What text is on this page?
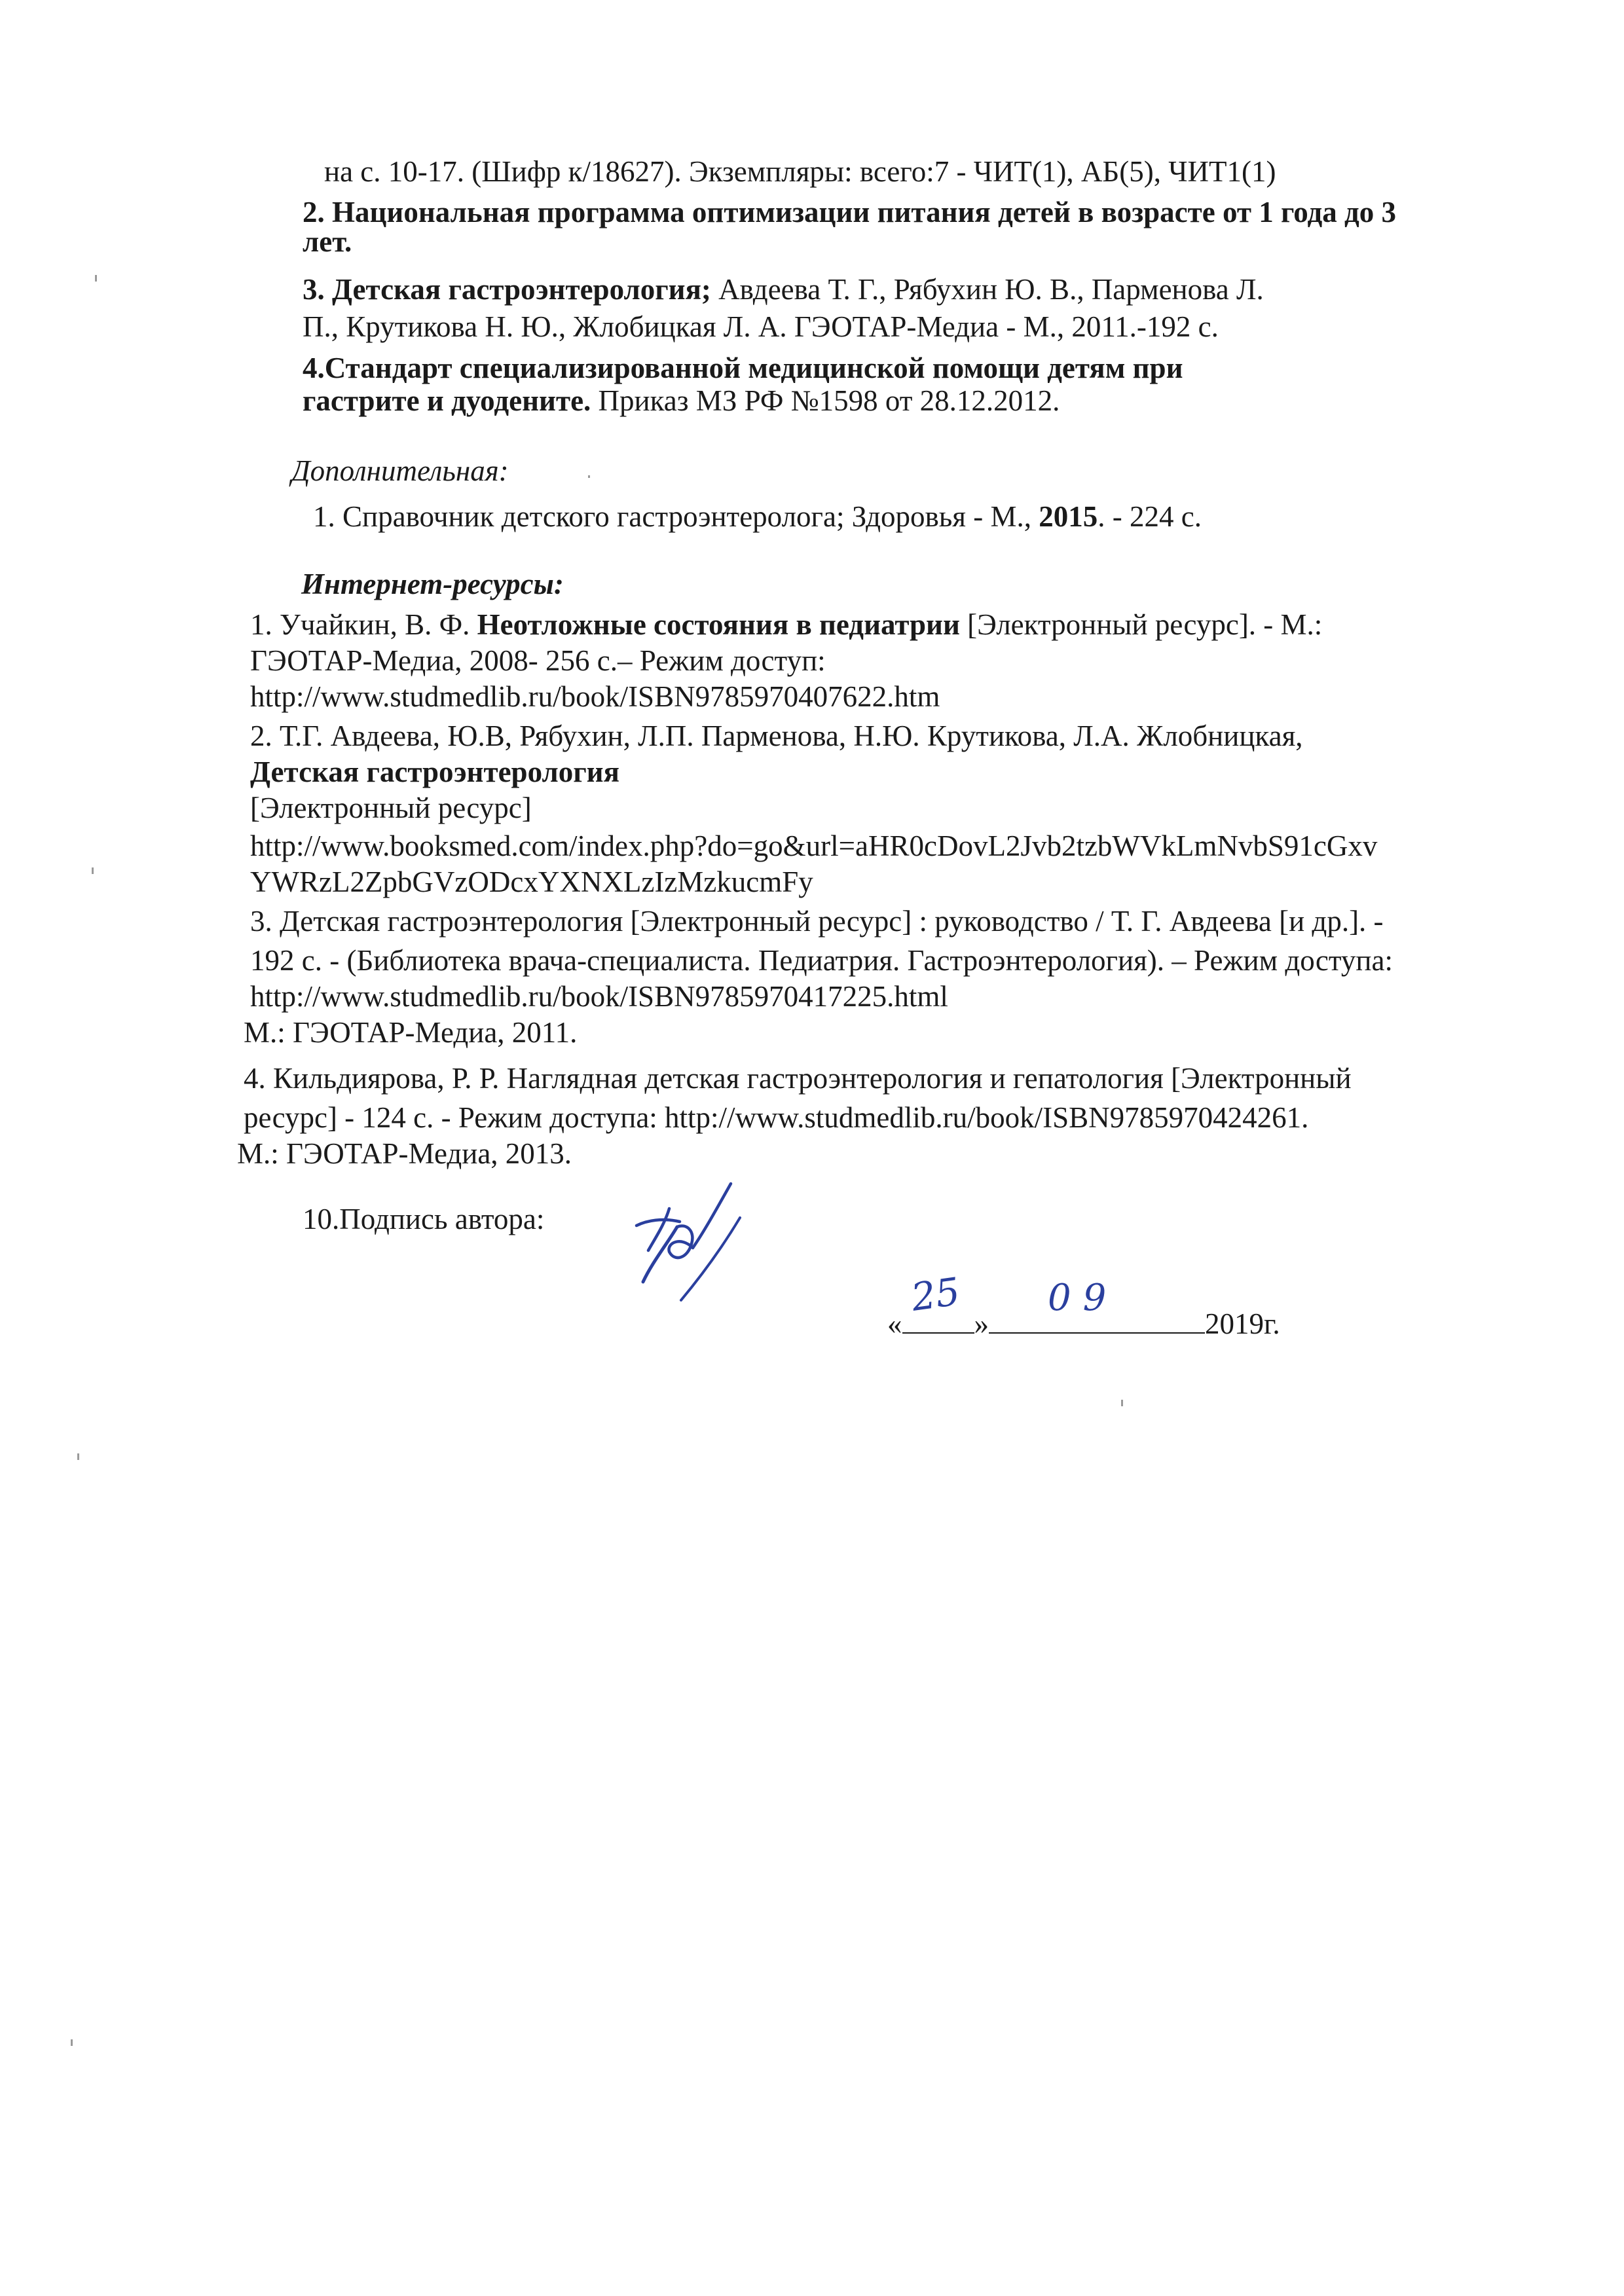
на с. 10-17. (Шифр к/18627). Экземпляры: всего:7 - ЧИТ(1), АБ(5), ЧИТ1(1)
2. Национальная программа оптимизации питания детей в возрасте от 1 года до 3
лет.
3. Детская гастроэнтерология; Авдеева Т. Г., Рябухин Ю. В., Парменова Л.
П., Крутикова Н. Ю., Жлобицкая Л. А. ГЭОТАР-Медиа - М., 2011.-192 с.
4.Стандарт специализированной медицинской помощи детям при
гастрите и дуодените. Приказ МЗ РФ №1598 от 28.12.2012.
Дополнительная:
1. Справочник детского гастроэнтеролога; Здоровья - М., 2015. - 224 с.
Интернет-ресурсы:
1. Учайкин, В. Ф. Неотложные состояния в педиатрии [Электронный ресурс]. - М.:
ГЭОТАР-Медиа, 2008- 256 с.– Режим доступ:
http://www.studmedlib.ru/book/ISBN9785970407622.htm
2. Т.Г. Авдеева, Ю.В, Рябухин, Л.П. Парменова, Н.Ю. Крутикова, Л.А. Жлобницкая,
Детская гастроэнтерология
[Электронный ресурс]
http://www.booksmed.com/index.php?do=go&url=aHR0cDovL2Jvb2tzbWVkLmNvbS91cGxv
YWRzL2ZpbGVzODcxYXNXLzIzMzkucmFy
3. Детская гастроэнтерология [Электронный ресурс] : руководство / Т. Г. Авдеева [и др.]. -
192 с. - (Библиотека врача-специалиста. Педиатрия. Гастроэнтерология). – Режим доступа:
http://www.studmedlib.ru/book/ISBN9785970417225.html
М.: ГЭОТАР-Медиа, 2011.
4. Кильдиярова, Р. Р. Наглядная детская гастроэнтерология и гепатология [Электронный
ресурс] - 124 с. - Режим доступа: http://www.studmedlib.ru/book/ISBN9785970424261.
М.: ГЭОТАР-Медиа, 2013.
10.Подпись автора:
« »	2019г.
25 09
